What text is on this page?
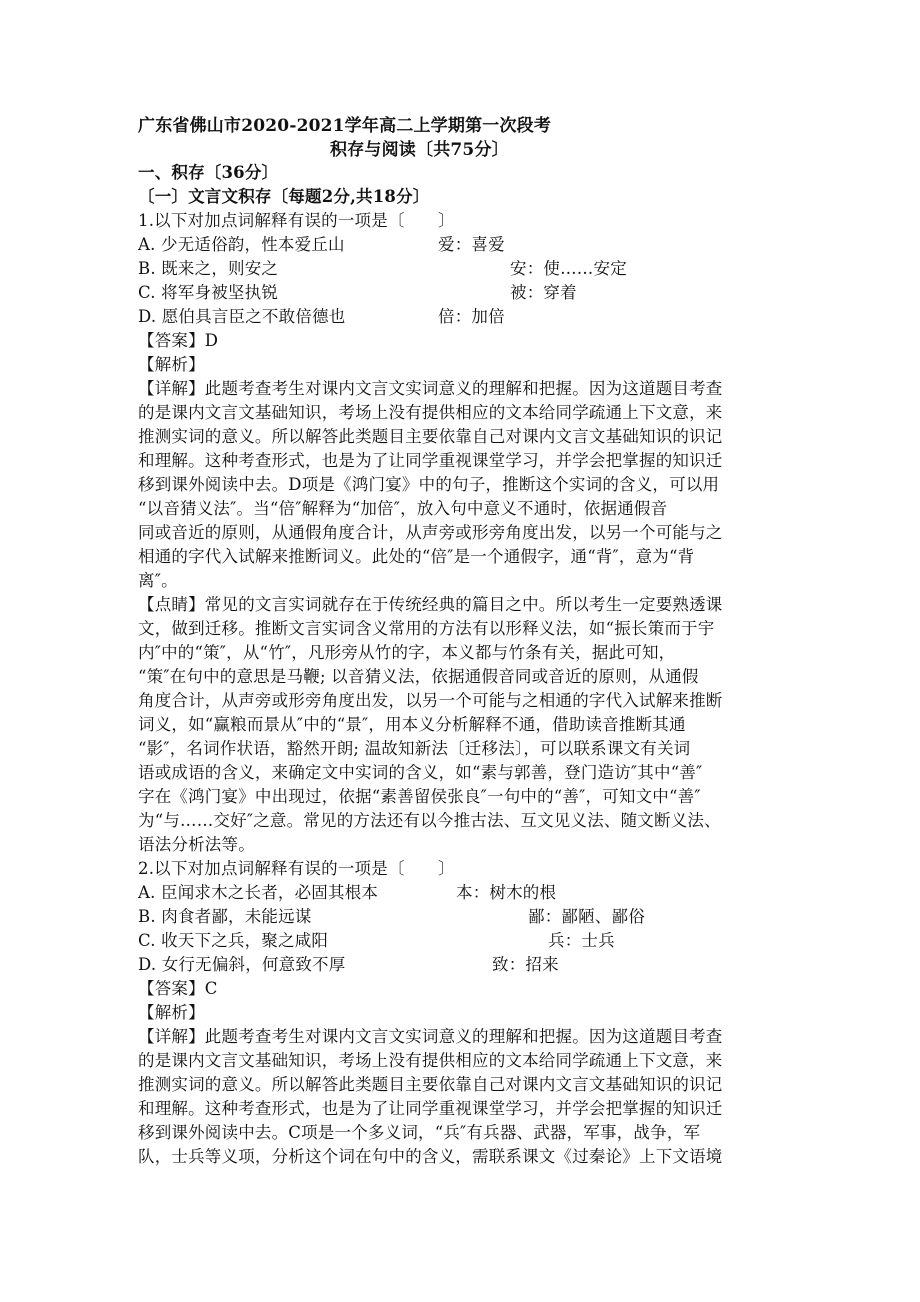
广东省佛山市2020-2021学年高二上学期第一次段考
积存与阅读〔共75分〕
一、积存〔36分〕
〔一〕文言文积存〔每题2分,共18分〕
1.以下对加点词解释有误的一项是〔　　〕
A. 少无适俗韵，性本爱丘山	爱：喜爱
B. 既来之，则安之	安：使……安定
C. 将军身被坚执锐	被：穿着
D. 愿伯具言臣之不敢倍德也	倍：加倍
【答案】D
【解析】
【详解】此题考查考生对课内文言文实词意义的理解和把握。因为这道题目考查
的是课内文言文基础知识，考场上没有提供相应的文本给同学疏通上下文意，来
推测实词的意义。所以解答此类题目主要依靠自己对课内文言文基础知识的识记
和理解。这种考查形式，也是为了让同学重视课堂学习，并学会把掌握的知识迁
移到课外阅读中去。D项是《鸿门宴》中的句子，推断这个实词的含义，可以用
“以音猜义法″。当“倍″解释为“加倍″，放入句中意义不通时，依据通假音
同或音近的原则，从通假角度合计，从声旁或形旁角度出发，以另一个可能与之
相通的字代入试解来推断词义。此处的“倍″是一个通假字，通“背″，意为“背
离″。
【点睛】常见的文言实词就存在于传统经典的篇目之中。所以考生一定要熟透课
文，做到迁移。推断文言实词含义常用的方法有以形释义法，如“振长策而于宇
内″中的“策″，从“竹″，凡形旁从竹的字，本义都与竹条有关，据此可知，
“策″在句中的意思是马鞭; 以音猜义法，依据通假音同或音近的原则，从通假
角度合计，从声旁或形旁角度出发，以另一个可能与之相通的字代入试解来推断
词义，如“赢粮而景从″中的“景″，用本义分析解释不通，借助读音推断其通
“影″，名词作状语，豁然开朗; 温故知新法〔迁移法〕，可以联系课文有关词
语或成语的含义，来确定文中实词的含义，如“素与郭善，登门造访″其中“善″
字在《鸿门宴》中出现过，依据“素善留侯张良″一句中的“善″，可知文中“善″
为“与……交好″之意。常见的方法还有以今推古法、互文见义法、随文断义法、
语法分析法等。
2.以下对加点词解释有误的一项是〔　　〕
A. 臣闻求木之长者，必固其根本	本：树木的根
B. 肉食者鄙，未能远谋	鄙：鄙陋、鄙俗
C. 收天下之兵，聚之咸阳	兵：士兵
D. 女行无偏斜，何意致不厚	致：招来
【答案】C
【解析】
【详解】此题考查考生对课内文言文实词意义的理解和把握。因为这道题目考查
的是课内文言文基础知识，考场上没有提供相应的文本给同学疏通上下文意，来
推测实词的意义。所以解答此类题目主要依靠自己对课内文言文基础知识的识记
和理解。这种考查形式，也是为了让同学重视课堂学习，并学会把掌握的知识迁
移到课外阅读中去。C项是一个多义词，“兵″有兵器、武器，军事，战争，军
队，士兵等义项，分析这个词在句中的含义，需联系课文《过秦论》上下文语境
